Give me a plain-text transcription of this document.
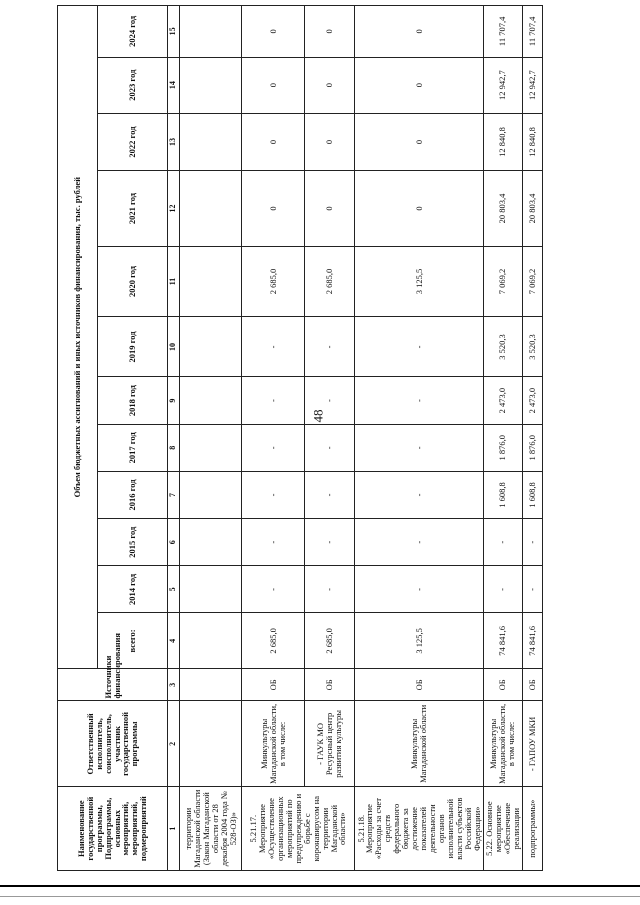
48
Наименование государственной программы, Подпрограммы, основных мероприятий, мероприятий, подмероприятий	Ответственный исполнитель, соисполнитель, участник государственной программы	Источники финансирования	Объем бюджетных ассигнований и иных источников финансирования, тыс. рублей											
			всего:	2014 год	2015 год	2016 год	2017 год	2018 год	2019 год	2020 год	2021 год	2022 год	2023 год	2024 год
1	2	3	4	5	6	7	8	9	10	11	12	13	14	15
территории Магаданской области (Закон Магаданской области от 28 декабря 2004 года № 528-ОЗ)»														
5.21.17. Мероприятие «Осуществление организационных мероприятий по предупреждению и борьбе с коронавирусом на территории Магаданской области»	Минкультуры Магаданской области, в том числе:	ОБ	2 685,0	-	-	-	-	-	-	2 685,0	0	0	0	0
	- ГАУК МО Ресурсный центр развития культуры	ОБ	2 685,0	-	-	-	-	-	-	2 685,0	0	0	0	0
5.21.18. Мероприятие «Расходы за счет средств федерального бюджета за достижение показателей деятельности органов исполнительной власти субъектов Российской Федерации»	Минкультуры Магаданской области	ОБ	3 125,5	-	-	-	-	-	-	3 125,5	0	0	0	0
5.22. Основное мероприятие «Обеспечение реализации	Минкультуры Магаданской области, в том числе:	ОБ	74 841,6	-	-	1 608,8	1 876,0	2 473,0	3 520,3	7 069,2	20 803,4	12 840,8	12 942,7	11 707,4
подпрограммы»	- ГАПОУ МКИ	ОБ	74 841,6	-	-	1 608,8	1 876,0	2 473,0	3 520,3	7 069,2	20 803,4	12 840,8	12 942,7	11 707,4
